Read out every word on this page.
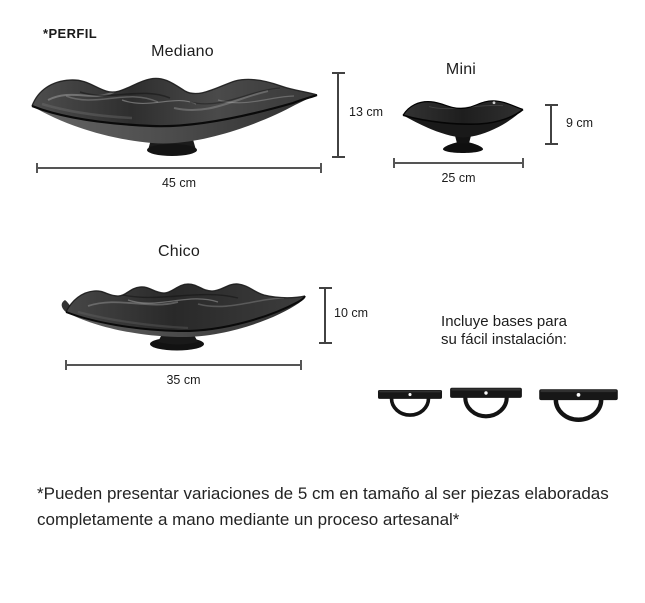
*PERFIL
Mediano
13 cm
45 cm
Mini
9 cm
25 cm
Chico
10 cm
35 cm
Incluye bases para
su fácil instalación:
*Pueden presentar variaciones de 5 cm en tamaño al ser piezas elaboradas
completamente a mano mediante un proceso artesanal*
